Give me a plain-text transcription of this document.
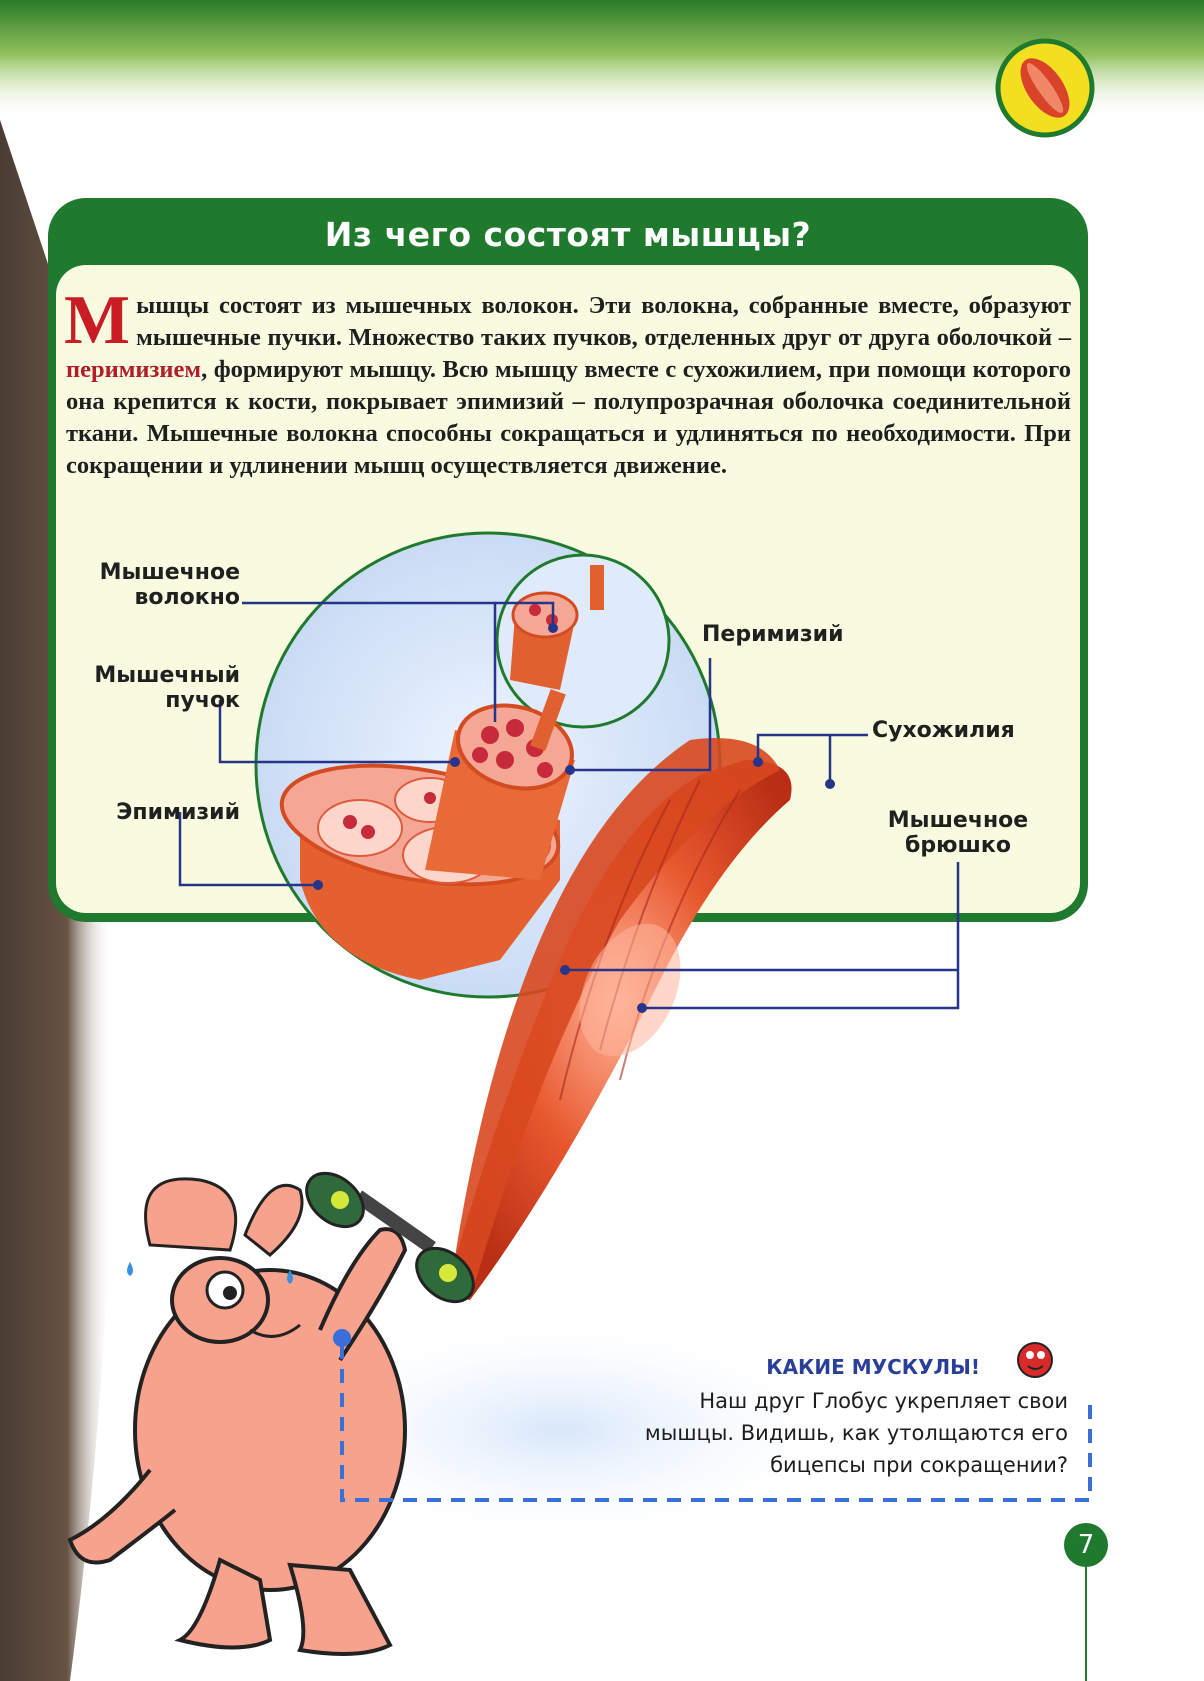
Из чего состоят мышцы?
М ышцы состоят из мышечных волокон. Эти волокна, собранные вместе, образуют мышечные пучки. Множество таких пучков, отделенных друг от друга оболочкой – перимизием, формируют мышцу. Всю мышцу вместе с сухожилием, при помощи которого она крепится к кости, покрывает эпимизий – полупрозрачная оболочка соединительной ткани. Мышечные волокна способны сокращаться и удлиняться по необходимости. При сокращении и удлинении мышц осуществляется движение.
Мышечное
волокно
Мышечный
пучок
Эпимизий
Перимизий
Сухожилия
Мышечное
брюшко
КАКИЕ МУСКУЛЫ!
Наш друг Глобус укрепляет свои мышцы. Видишь, как утолщаются его бицепсы при сокращении?
7
